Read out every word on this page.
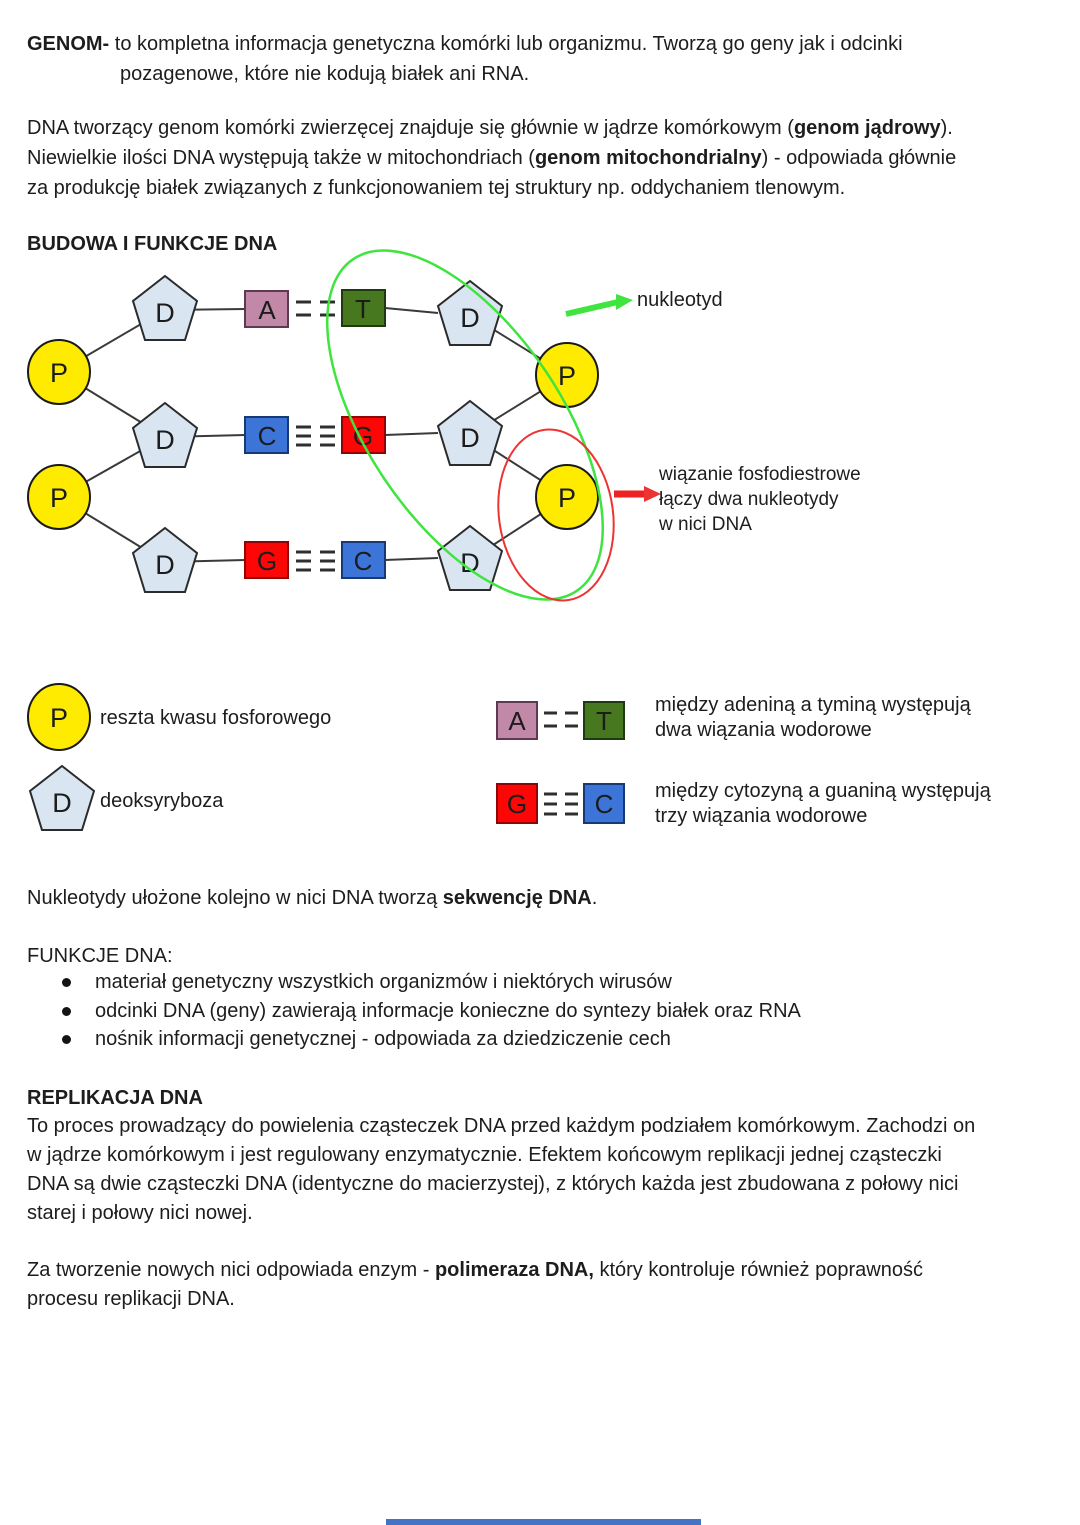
GENOM- to kompletna informacja genetyczna komórki lub organizmu. Tworzą go geny jak i odcinki
pozagenowe, które nie kodują białek ani RNA.
DNA tworzący genom komórki zwierzęcej znajduje się głównie w jądrze komórkowym (genom jądrowy).
Niewielkie ilości DNA występują także w mitochondriach (genom mitochondrialny) - odpowiada głównie
za produkcję białek związanych z funkcjonowaniem tej struktury np. oddychaniem tlenowym.
BUDOWA I FUNKCJE DNA
P
P
P
P
D
D
D
D
D
D
A	T
C	G
G	C
P
D
A	T
G	C
nukleotyd
wiązanie fosfodiestrowe
łączy dwa nukleotydy
w nici DNA
reszta kwasu fosforowego
deoksyryboza
między adeniną a tyminą występują
dwa wiązania wodorowe
między cytozyną a guaniną występują
trzy wiązania wodorowe
Nukleotydy ułożone kolejno w nici DNA tworzą sekwencję DNA.
FUNKCJE DNA:
materiał genetyczny wszystkich organizmów i niektórych wirusów
odcinki DNA (geny) zawierają informacje konieczne do syntezy białek oraz RNA
nośnik informacji genetycznej - odpowiada za dziedziczenie cech
REPLIKACJA DNA
To proces prowadzący do powielenia cząsteczek DNA przed każdym podziałem komórkowym. Zachodzi on
w jądrze komórkowym i jest regulowany enzymatycznie. Efektem końcowym replikacji jednej cząsteczki
DNA są dwie cząsteczki DNA (identyczne do macierzystej), z których każda jest zbudowana z połowy nici
starej i połowy nici nowej.
Za tworzenie nowych nici odpowiada enzym - polimeraza DNA, który kontroluje również poprawność
procesu replikacji DNA.
